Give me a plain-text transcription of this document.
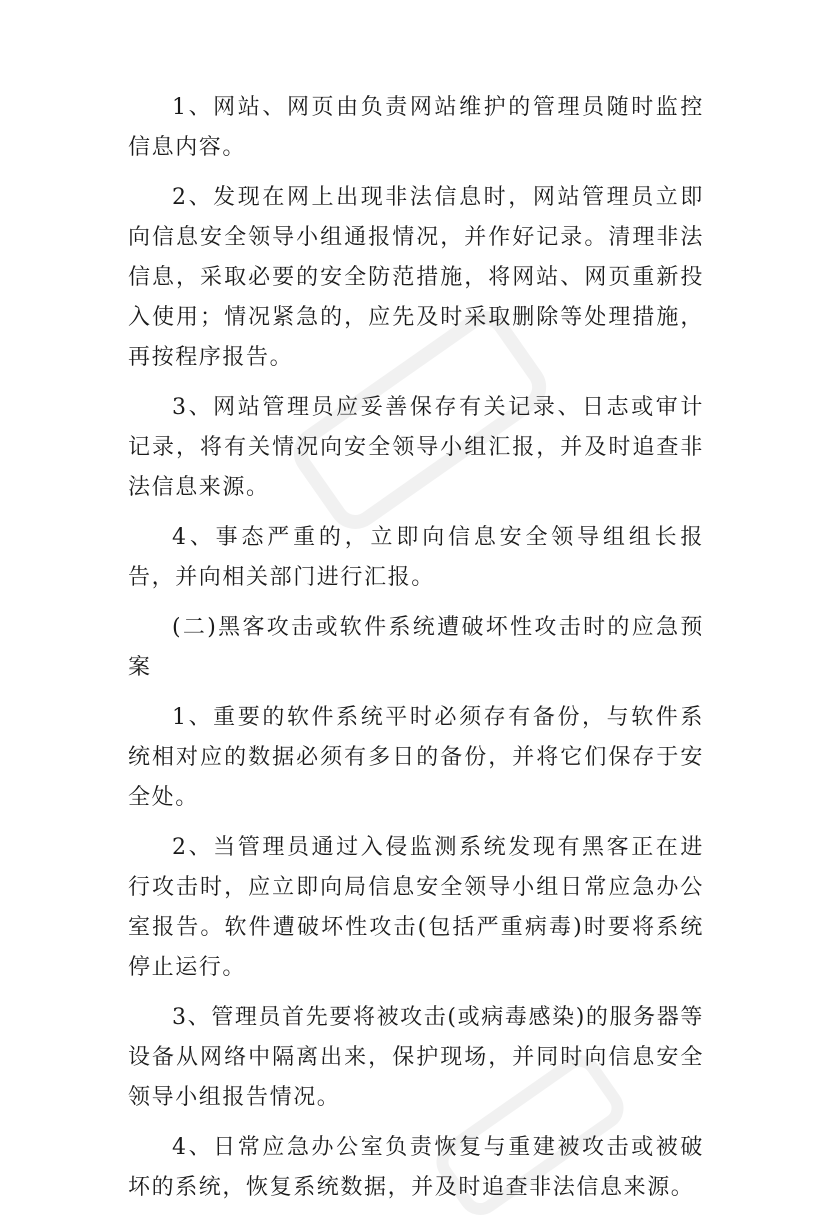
1、网站、网页由负责网站维护的管理员随时监控信息内容。

2、发现在网上出现非法信息时，网站管理员立即向信息安全领导小组通报情况，并作好记录。清理非法信息，采取必要的安全防范措施，将网站、网页重新投入使用；情况紧急的，应先及时采取删除等处理措施，再按程序报告。

3、网站管理员应妥善保存有关记录、日志或审计记录，将有关情况向安全领导小组汇报，并及时追查非法信息来源。

4、事态严重的，立即向信息安全领导组组长报告，并向相关部门进行汇报。

(二)黑客攻击或软件系统遭破坏性攻击时的应急预案

1、重要的软件系统平时必须存有备份，与软件系统相对应的数据必须有多日的备份，并将它们保存于安全处。

2、当管理员通过入侵监测系统发现有黑客正在进行攻击时，应立即向局信息安全领导小组日常应急办公室报告。软件遭破坏性攻击(包括严重病毒)时要将系统停止运行。

3、管理员首先要将被攻击(或病毒感染)的服务器等设备从网络中隔离出来，保护现场，并同时向信息安全领导小组报告情况。

4、日常应急办公室负责恢复与重建被攻击或被破坏的系统，恢复系统数据，并及时追查非法信息来源。
